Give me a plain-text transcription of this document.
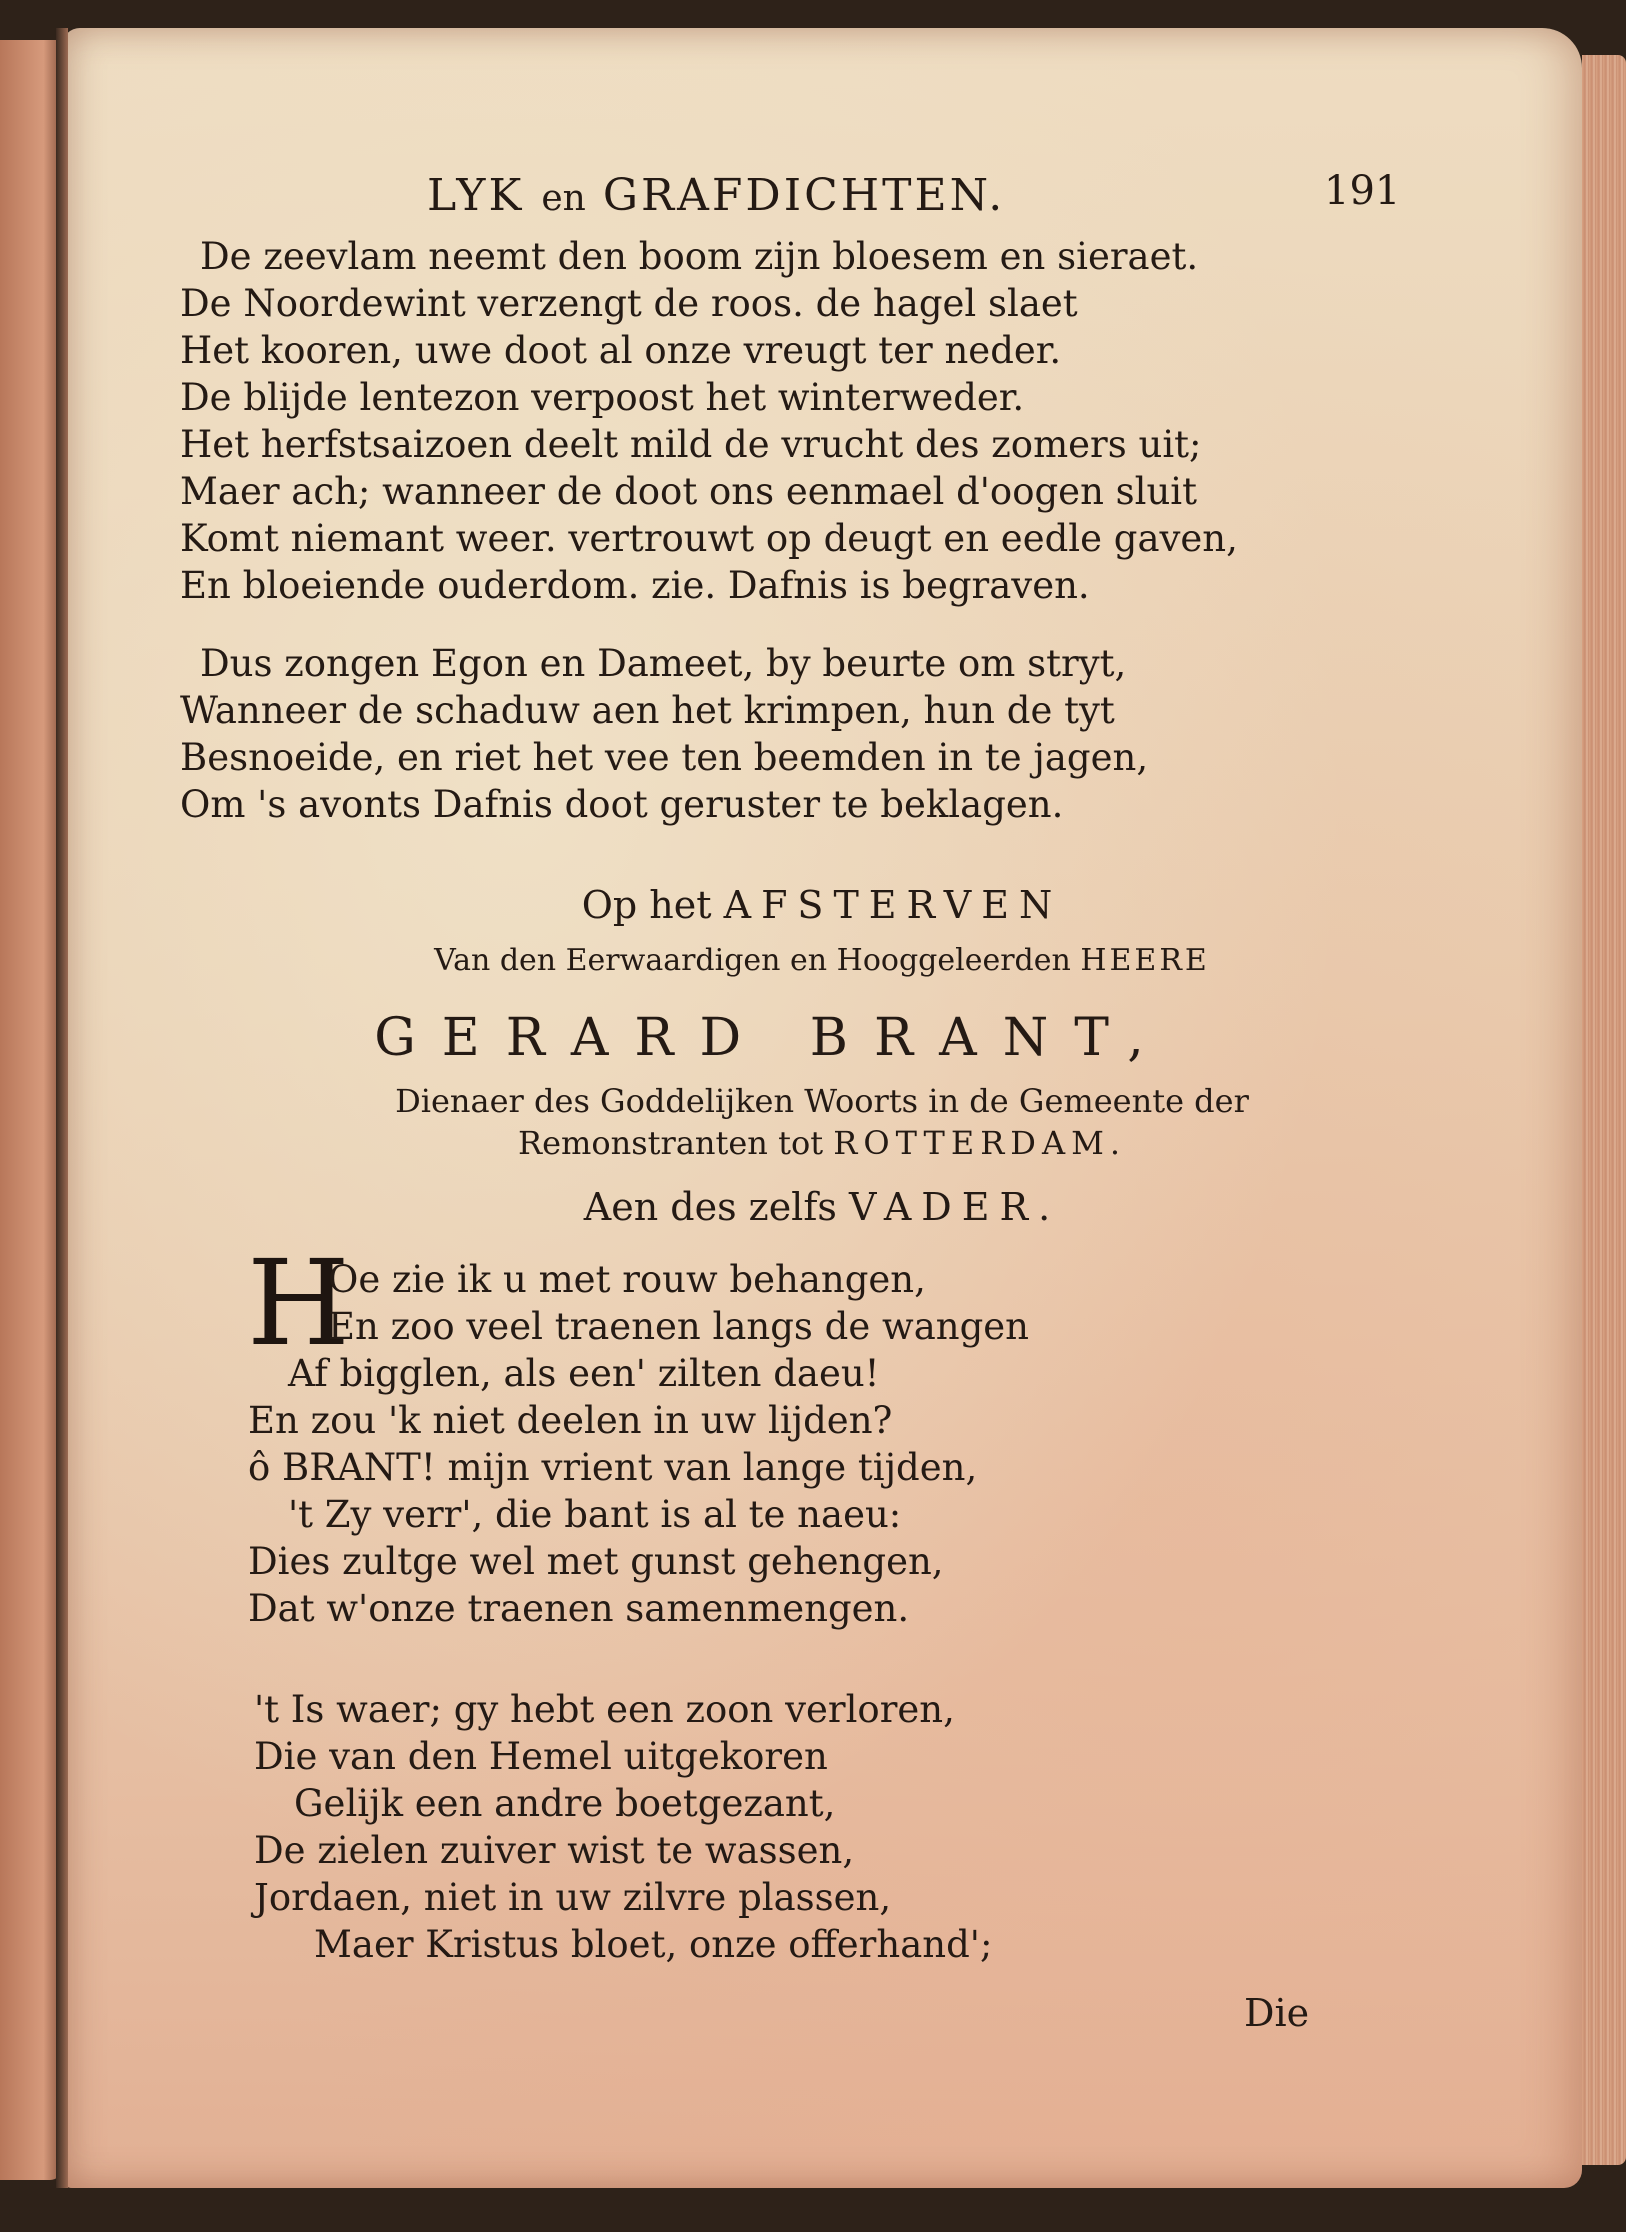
LYK en GRAFDICHTEN.	191
De zeevlam neemt den boom zijn bloesem en sieraet.
De Noordewint verzengt de roos. de hagel slaet
Het kooren, uwe doot al onze vreugt ter neder.
De blijde lentezon verpoost het winterweder.
Het herfstsaizoen deelt mild de vrucht des zomers uit;
Maer ach; wanneer de doot ons eenmael d'oogen sluit
Komt niemant weer. vertrouwt op deugt en eedle gaven,
En bloeiende ouderdom. zie. Dafnis is begraven.
Dus zongen Egon en Dameet, by beurte om stryt,
Wanneer de schaduw aen het krimpen, hun de tyt
Besnoeide, en riet het vee ten beemden in te jagen,
Om 's avonts Dafnis doot geruster te beklagen.
Op het AFSTERVEN
Van den Eerwaardigen en Hooggeleerden HEERE
GERARD BRANT,
Dienaer des Goddelijken Woorts in de Gemeente der
Remonstranten tot ROTTERDAM.
Aen des zelfs VADER.
H
Oe zie ik u met rouw behangen,
En zoo veel traenen langs de wangen
Af bigglen, als een' zilten daeu!
En zou 'k niet deelen in uw lijden?
ô BRANT! mijn vrient van lange tijden,
't Zy verr', die bant is al te naeu:
Dies zultge wel met gunst gehengen,
Dat w'onze traenen samenmengen.
't Is waer; gy hebt een zoon verloren,
Die van den Hemel uitgekoren
Gelijk een andre boetgezant,
De zielen zuiver wist te wassen,
Jordaen, niet in uw zilvre plassen,
Maer Kristus bloet, onze offerhand';
Die
